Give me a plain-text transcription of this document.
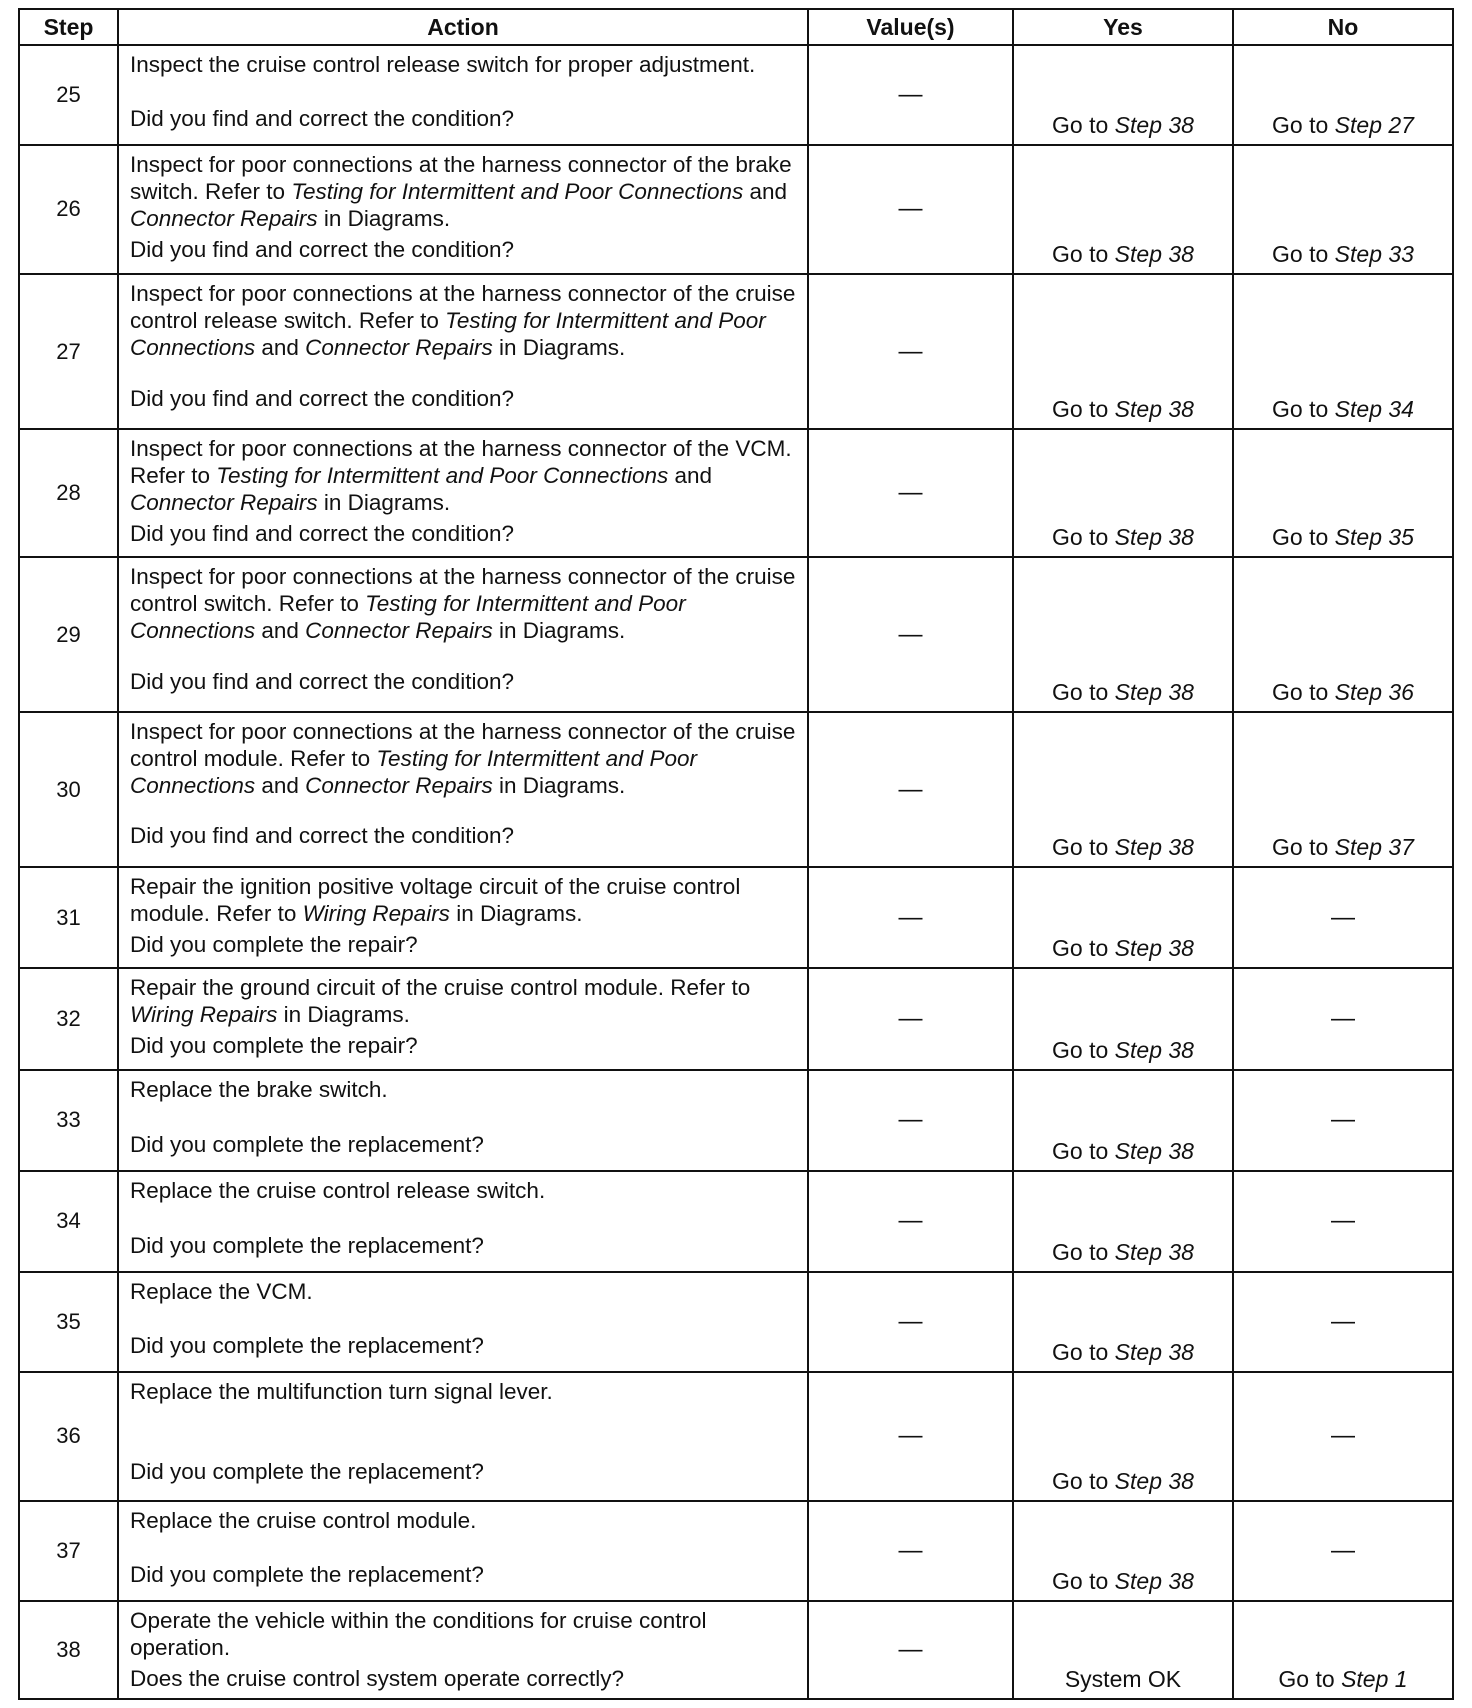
Step	Action	Value(s)	Yes	No
25	Inspect the cruise control release switch for proper adjustment.
Did you find and correct the condition?	—	Go to Step 38	Go to Step 27
26	Inspect for poor connections at the harness connector of the brake switch. Refer to Testing for Intermittent and Poor Connections and Connector Repairs in Diagrams.
Did you find and correct the condition?	—	Go to Step 38	Go to Step 33
27	Inspect for poor connections at the harness connector of the cruise control release switch. Refer to Testing for Intermittent and Poor Connections and Connector Repairs in Diagrams.
Did you find and correct the condition?	—	Go to Step 38	Go to Step 34
28	Inspect for poor connections at the harness connector of the VCM. Refer to Testing for Intermittent and Poor Connections and Connector Repairs in Diagrams.
Did you find and correct the condition?	—	Go to Step 38	Go to Step 35
29	Inspect for poor connections at the harness connector of the cruise control switch. Refer to Testing for Intermittent and Poor Connections and Connector Repairs in Diagrams.
Did you find and correct the condition?	—	Go to Step 38	Go to Step 36
30	Inspect for poor connections at the harness connector of the cruise control module. Refer to Testing for Intermittent and Poor Connections and Connector Repairs in Diagrams.
Did you find and correct the condition?	—	Go to Step 38	Go to Step 37
31	Repair the ignition positive voltage circuit of the cruise control module. Refer to Wiring Repairs in Diagrams.
Did you complete the repair?	—	Go to Step 38	—
32	Repair the ground circuit of the cruise control module. Refer to Wiring Repairs in Diagrams.
Did you complete the repair?	—	Go to Step 38	—
33	Replace the brake switch.
Did you complete the replacement?	—	Go to Step 38	—
34	Replace the cruise control release switch.
Did you complete the replacement?	—	Go to Step 38	—
35	Replace the VCM.
Did you complete the replacement?	—	Go to Step 38	—
36	Replace the multifunction turn signal lever.
Did you complete the replacement?	—	Go to Step 38	—
37	Replace the cruise control module.
Did you complete the replacement?	—	Go to Step 38	—
38	Operate the vehicle within the conditions for cruise control operation.
Does the cruise control system operate correctly?	—	System OK	Go to Step 1
